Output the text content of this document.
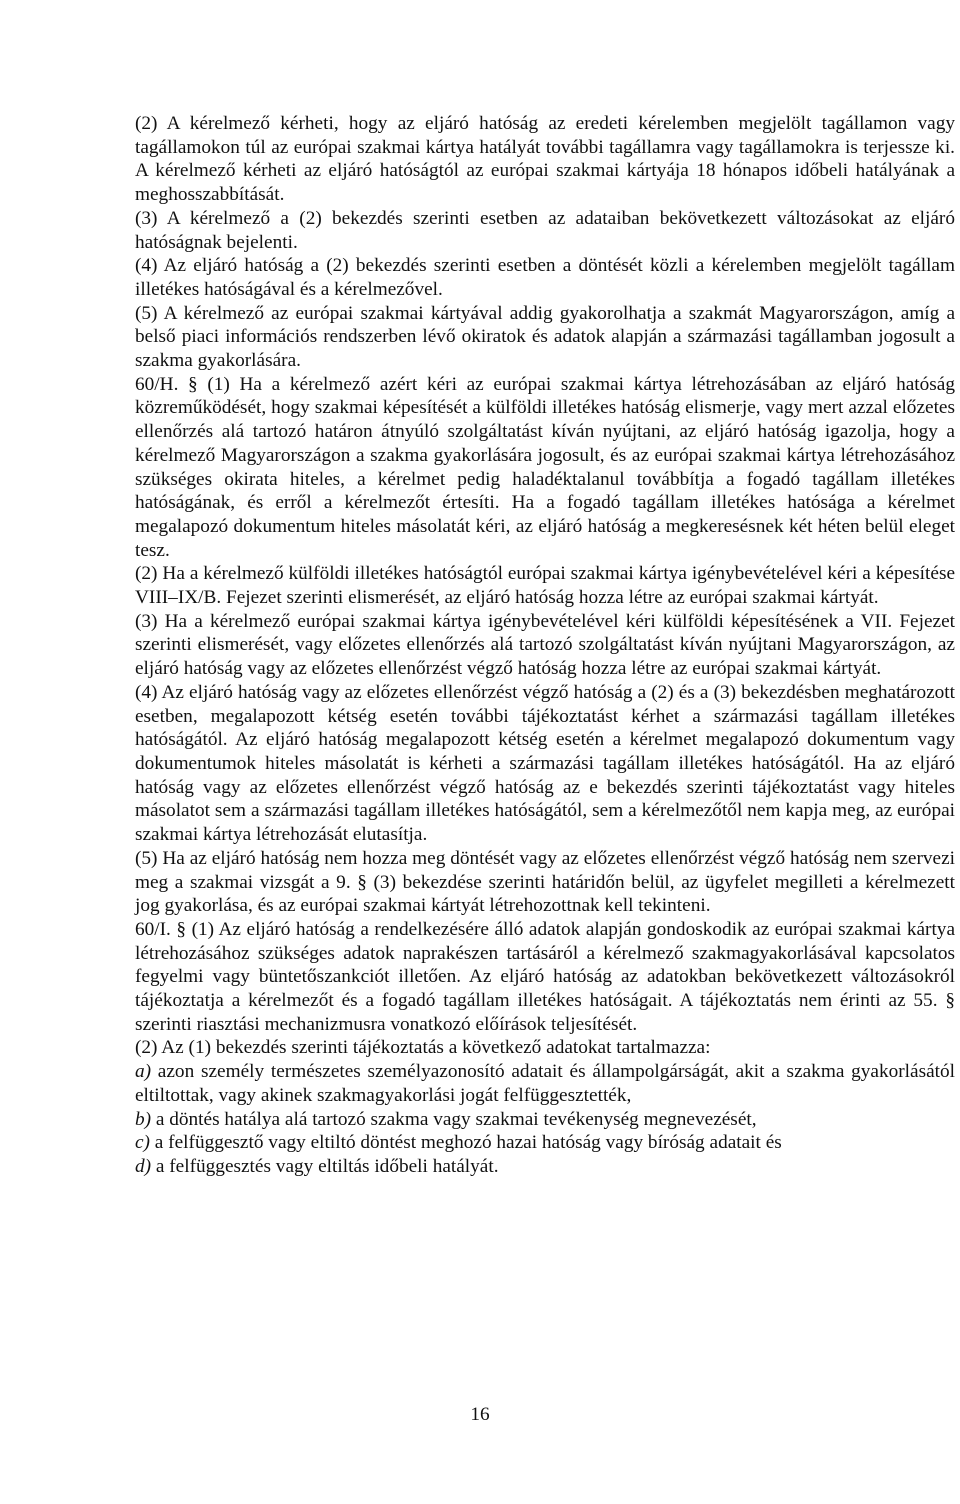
(2) A kérelmező kérheti, hogy az eljáró hatóság az eredeti kérelemben megjelölt tagállamon vagy tagállamokon túl az európai szakmai kártya hatályát további tagállamra vagy tagállamokra is terjessze ki. A kérelmező kérheti az eljáró hatóságtól az európai szakmai kártyája 18 hónapos időbeli hatályának a meghosszabbítását.

(3) A kérelmező a (2) bekezdés szerinti esetben az adataiban bekövetkezett változásokat az eljáró hatóságnak bejelenti.

(4) Az eljáró hatóság a (2) bekezdés szerinti esetben a döntését közli a kérelemben megjelölt tagállam illetékes hatóságával és a kérelmezővel.

(5) A kérelmező az európai szakmai kártyával addig gyakorolhatja a szakmát Magyarországon, amíg a belső piaci információs rendszerben lévő okiratok és adatok alapján a származási tagállamban jogosult a szakma gyakorlására.

60/H. § (1) Ha a kérelmező azért kéri az európai szakmai kártya létrehozásában az eljáró hatóság közreműködését, hogy szakmai képesítését a külföldi illetékes hatóság elismerje, vagy mert azzal előzetes ellenőrzés alá tartozó határon átnyúló szolgáltatást kíván nyújtani, az eljáró hatóság igazolja, hogy a kérelmező Magyarországon a szakma gyakorlására jogosult, és az európai szakmai kártya létrehozásához szükséges okirata hiteles, a kérelmet pedig haladéktalanul továbbítja a fogadó tagállam illetékes hatóságának, és erről a kérelmezőt értesíti. Ha a fogadó tagállam illetékes hatósága a kérelmet megalapozó dokumentum hiteles másolatát kéri, az eljáró hatóság a megkeresésnek két héten belül eleget tesz.

(2) Ha a kérelmező külföldi illetékes hatóságtól európai szakmai kártya igénybevételével kéri a képesítése VIII–IX/B. Fejezet szerinti elismerését, az eljáró hatóság hozza létre az európai szakmai kártyát.

(3) Ha a kérelmező európai szakmai kártya igénybevételével kéri külföldi képesítésének a VII. Fejezet szerinti elismerését, vagy előzetes ellenőrzés alá tartozó szolgáltatást kíván nyújtani Magyarországon, az eljáró hatóság vagy az előzetes ellenőrzést végző hatóság hozza létre az európai szakmai kártyát.

(4) Az eljáró hatóság vagy az előzetes ellenőrzést végző hatóság a (2) és a (3) bekezdésben meghatározott esetben, megalapozott kétség esetén további tájékoztatást kérhet a származási tagállam illetékes hatóságától. Az eljáró hatóság megalapozott kétség esetén a kérelmet megalapozó dokumentum vagy dokumentumok hiteles másolatát is kérheti a származási tagállam illetékes hatóságától. Ha az eljáró hatóság vagy az előzetes ellenőrzést végző hatóság az e bekezdés szerinti tájékoztatást vagy hiteles másolatot sem a származási tagállam illetékes hatóságától, sem a kérelmezőtől nem kapja meg, az európai szakmai kártya létrehozását elutasítja.

(5) Ha az eljáró hatóság nem hozza meg döntését vagy az előzetes ellenőrzést végző hatóság nem szervezi meg a szakmai vizsgát a 9. § (3) bekezdése szerinti határidőn belül, az ügyfelet megilleti a kérelmezett jog gyakorlása, és az európai szakmai kártyát létrehozottnak kell tekinteni.

60/I. § (1) Az eljáró hatóság a rendelkezésére álló adatok alapján gondoskodik az európai szakmai kártya létrehozásához szükséges adatok naprakészen tartásáról a kérelmező szakmagyakorlásával kapcsolatos fegyelmi vagy büntetőszankciót illetően. Az eljáró hatóság az adatokban bekövetkezett változásokról tájékoztatja a kérelmezőt és a fogadó tagállam illetékes hatóságait. A tájékoztatás nem érinti az 55. § szerinti riasztási mechanizmusra vonatkozó előírások teljesítését.

(2) Az (1) bekezdés szerinti tájékoztatás a következő adatokat tartalmazza:

a) azon személy természetes személyazonosító adatait és állampolgárságát, akit a szakma gyakorlásától eltiltottak, vagy akinek szakmagyakorlási jogát felfüggesztették,

b) a döntés hatálya alá tartozó szakma vagy szakmai tevékenység megnevezését,

c) a felfüggesztő vagy eltiltó döntést meghozó hazai hatóság vagy bíróság adatait és

d) a felfüggesztés vagy eltiltás időbeli hatályát.

16
